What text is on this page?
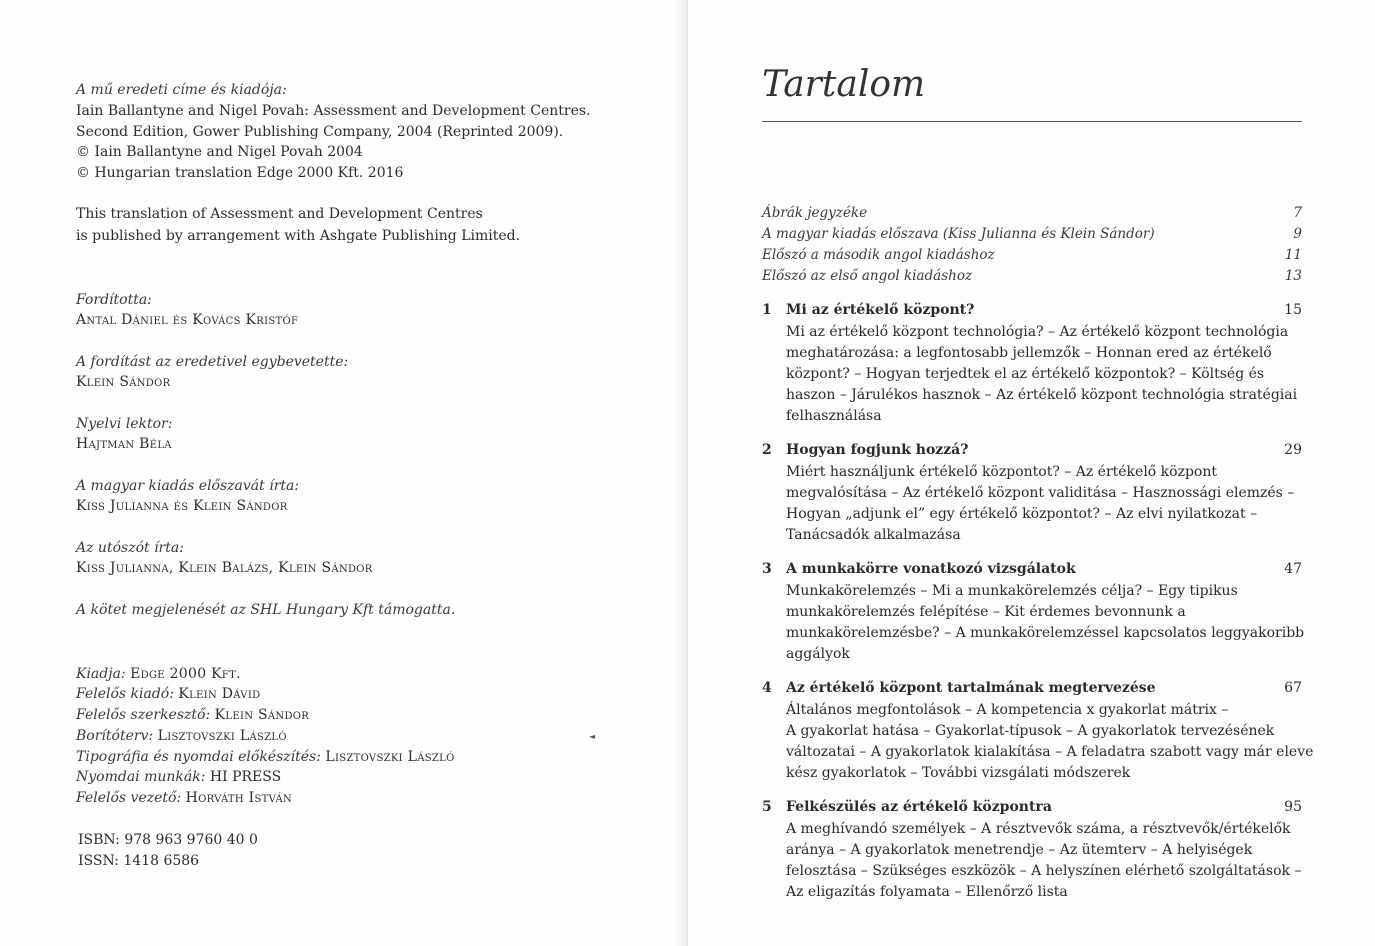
A mű eredeti címe és kiadója:
Iain Ballantyne and Nigel Povah: Assessment and Development Centres.
Second Edition, Gower Publishing Company, 2004 (Reprinted 2009).
© Iain Ballantyne and Nigel Povah 2004
© Hungarian translation Edge 2000 Kft. 2016
This translation of Assessment and Development Centres
is published by arrangement with Ashgate Publishing Limited.
Fordította:
Antal Dániel és Kovács Kristóf
A fordítást az eredetivel egybevetette:
Klein Sándor
Nyelvi lektor:
Hajtman Béla
A magyar kiadás előszavát írta:
Kiss Julianna és Klein Sándor
Az utószót írta:
Kiss Julianna, Klein Balázs, Klein Sándor
A kötet megjelenését az SHL Hungary Kft támogatta.
Kiadja: Edge 2000 Kft.
Felelős kiadó: Klein Dávid
Felelős szerkesztő: Klein Sándor
Borítóterv: Lisztovszki László
Tipográfia és nyomdai előkészítés: Lisztovszki László
Nyomdai munkák: HI PRESS
Felelős vezető: Horváth István
ISBN: 978 963 9760 40 0
ISSN: 1418 6586
◄
Tartalom
Ábrák jegyzéke	7
A magyar kiadás előszava (Kiss Julianna és Klein Sándor)	9
Előszó a második angol kiadáshoz	11
Előszó az első angol kiadáshoz	13
1 Mi az értékelő központ?	15
Mi az értékelő központ technológia? – Az értékelő központ technológia
meghatározása: a legfontosabb jellemzők – Honnan ered az értékelő
központ? – Hogyan terjedtek el az értékelő központok? – Költség és
haszon – Járulékos hasznok – Az értékelő központ technológia stratégiai
felhasználása
2 Hogyan fogjunk hozzá?	29
Miért használjunk értékelő központot? – Az értékelő központ
megvalósítása – Az értékelő központ validitása – Hasznossági elemzés –
Hogyan „adjunk el” egy értékelő központot? – Az elvi nyilatkozat –
Tanácsadók alkalmazása
3 A munkakörre vonatkozó vizsgálatok	47
Munkakörelemzés – Mi a munkakörelemzés célja? – Egy tipikus
munkakörelemzés felépítése – Kit érdemes bevonnunk a
munkakörelemzésbe? – A munkakörelemzéssel kapcsolatos leggyakoribb
aggályok
4 Az értékelő központ tartalmának megtervezése	67
Általános megfontolások – A kompetencia x gyakorlat mátrix –
A gyakorlat hatása – Gyakorlat-típusok – A gyakorlatok tervezésének
változatai – A gyakorlatok kialakítása – A feladatra szabott vagy már eleve
kész gyakorlatok – További vizsgálati módszerek
5 Felkészülés az értékelő központra	95
A meghívandó személyek – A résztvevők száma, a résztvevők/értékelők
aránya – A gyakorlatok menetrendje – Az ütemterv – A helyiségek
felosztása – Szükséges eszközök – A helyszínen elérhető szolgáltatások –
Az eligazítás folyamata – Ellenőrző lista
